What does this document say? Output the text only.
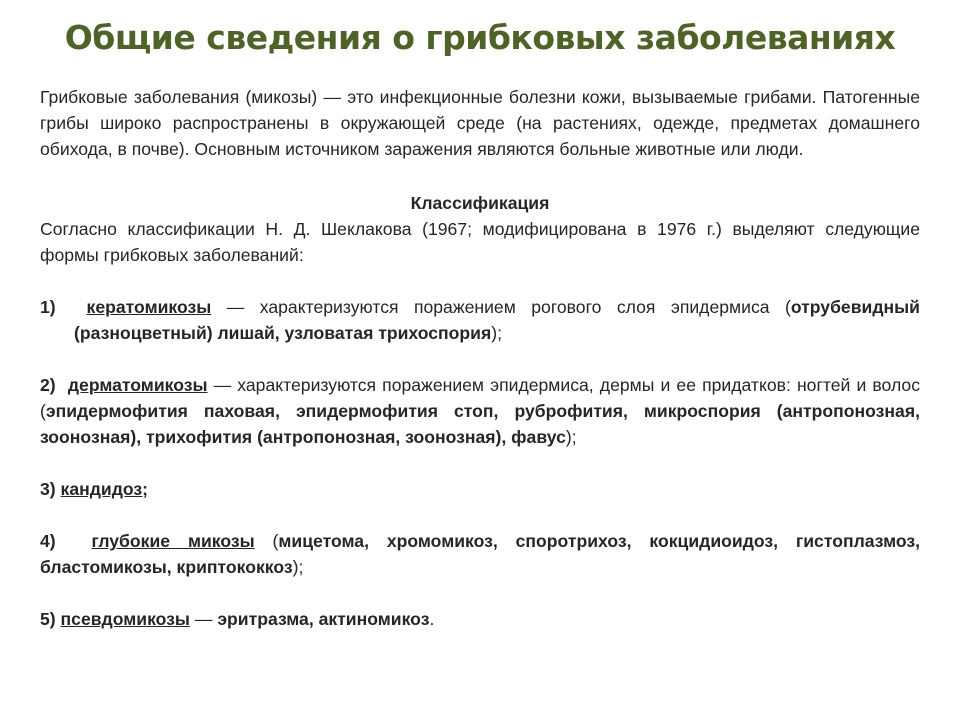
Общие сведения о грибковых заболеваниях

Грибковые заболевания (микозы) — это инфекционные болезни кожи, вызываемые грибами. Патогенные грибы широко распространены в окружающей среде (на растениях, одежде, предметах домашнего обихода, в почве). Основным источником заражения являются больные животные или люди.

Классификация

Согласно классификации Н. Д. Шеклакова (1967; модифицирована в 1976 г.) выделяют следующие формы грибковых заболеваний:

1) кератомикозы — характеризуются поражением рогового слоя эпидермиса (отрубевидный (разноцветный) лишай, узловатая трихоспория);

2) дерматомикозы — характеризуются поражением эпидермиса, дермы и ее придатков: ногтей и волос (эпидермофития паховая, эпидермофития стоп, руброфития, микроспория (антропонозная, зоонозная), трихофития (антропонозная, зоонозная), фавус);

3) кандидоз;

4) глубокие микозы (мицетома, хромомикоз, споротрихоз, кокцидиоидоз, гистоплазмоз, бластомикозы, криптококкоз);

5) псевдомикозы — эритразма, актиномикоз.
